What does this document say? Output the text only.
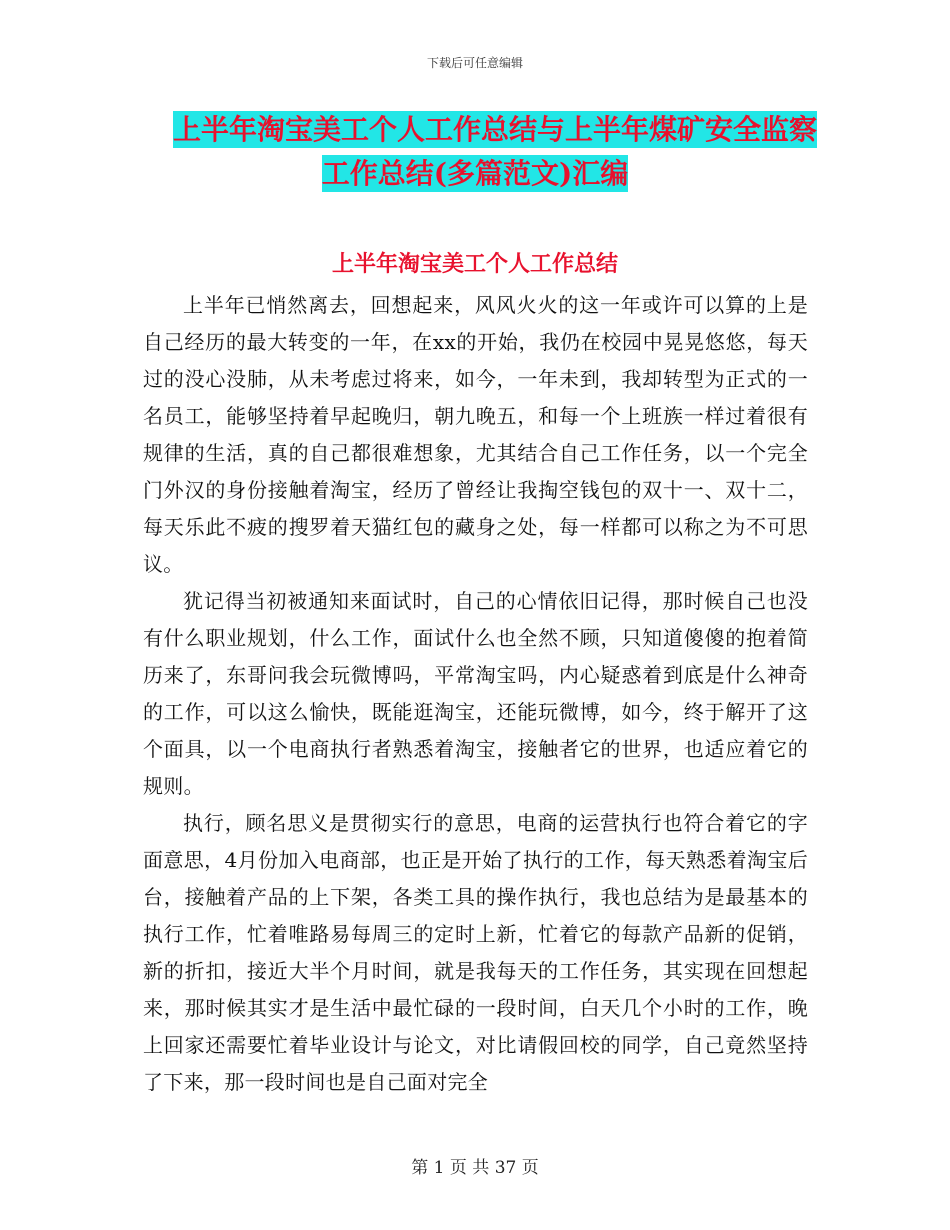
下载后可任意编辑
上半年淘宝美工个人工作总结与上半年煤矿安全监察
工作总结(多篇范文)汇编
上半年淘宝美工个人工作总结

上半年已悄然离去，回想起来，风风火火的这一年或许可以算的上是自己经历的最大转变的一年，在xx的开始，我仍在校园中晃晃悠悠，每天过的没心没肺，从未考虑过将来，如今，一年未到，我却转型为正式的一名员工，能够坚持着早起晚归，朝九晚五，和每一个上班族一样过着很有规律的生活，真的自己都很难想象，尤其结合自己工作任务，以一个完全门外汉的身份接触着淘宝，经历了曾经让我掏空钱包的双十一、双十二，每天乐此不疲的搜罗着天猫红包的藏身之处，每一样都可以称之为不可思议。

犹记得当初被通知来面试时，自己的心情依旧记得，那时候自己也没有什么职业规划，什么工作，面试什么也全然不顾，只知道傻傻的抱着简历来了，东哥问我会玩微博吗，平常淘宝吗，内心疑惑着到底是什么神奇的工作，可以这么愉快，既能逛淘宝，还能玩微博，如今，终于解开了这个面具，以一个电商执行者熟悉着淘宝，接触者它的世界，也适应着它的规则。

执行，顾名思义是贯彻实行的意思，电商的运营执行也符合着它的字面意思，4月份加入电商部，也正是开始了执行的工作，每天熟悉着淘宝后台，接触着产品的上下架，各类工具的操作执行，我也总结为是最基本的执行工作，忙着唯路易每周三的定时上新，忙着它的每款产品新的促销，新的折扣，接近大半个月时间，就是我每天的工作任务，其实现在回想起来，那时候其实才是生活中最忙碌的一段时间，白天几个小时的工作，晚上回家还需要忙着毕业设计与论文，对比请假回校的同学，自己竟然坚持了下来，那一段时间也是自己面对完全

第 1 页 共 37 页
